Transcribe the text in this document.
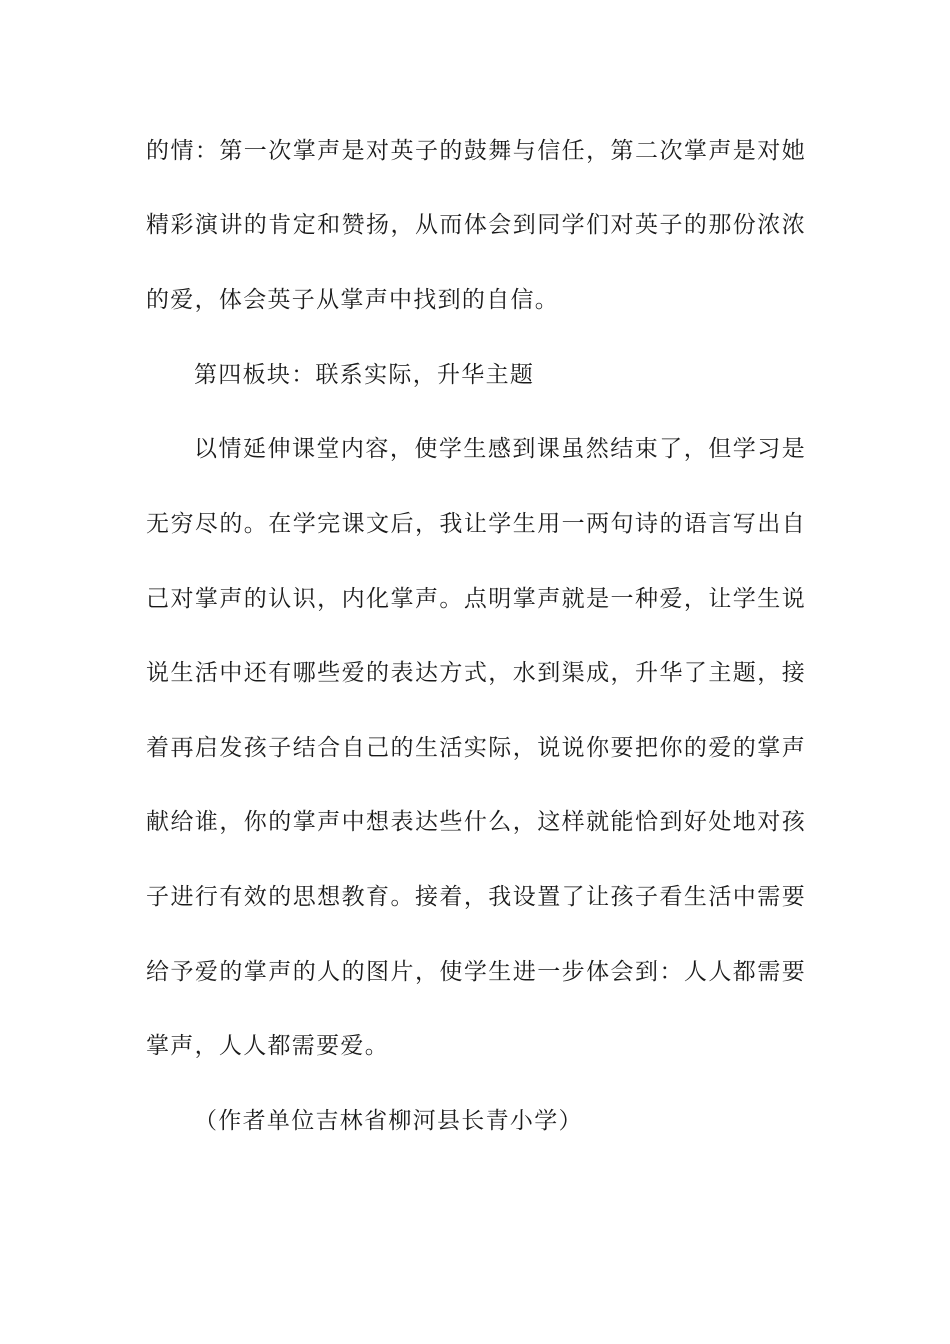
的情：第一次掌声是对英子的鼓舞与信任，第二次掌声是对她
精彩演讲的肯定和赞扬，从而体会到同学们对英子的那份浓浓
的爱，体会英子从掌声中找到的自信。
第四板块：联系实际，升华主题
以情延伸课堂内容，使学生感到课虽然结束了，但学习是
无穷尽的。在学完课文后，我让学生用一两句诗的语言写出自
己对掌声的认识，内化掌声。点明掌声就是一种爱，让学生说
说生活中还有哪些爱的表达方式，水到渠成，升华了主题，接
着再启发孩子结合自己的生活实际，说说你要把你的爱的掌声
献给谁，你的掌声中想表达些什么，这样就能恰到好处地对孩
子进行有效的思想教育。接着，我设置了让孩子看生活中需要
给予爱的掌声的人的图片，使学生进一步体会到：人人都需要
掌声，人人都需要爱。
（作者单位吉林省柳河县长青小学）
